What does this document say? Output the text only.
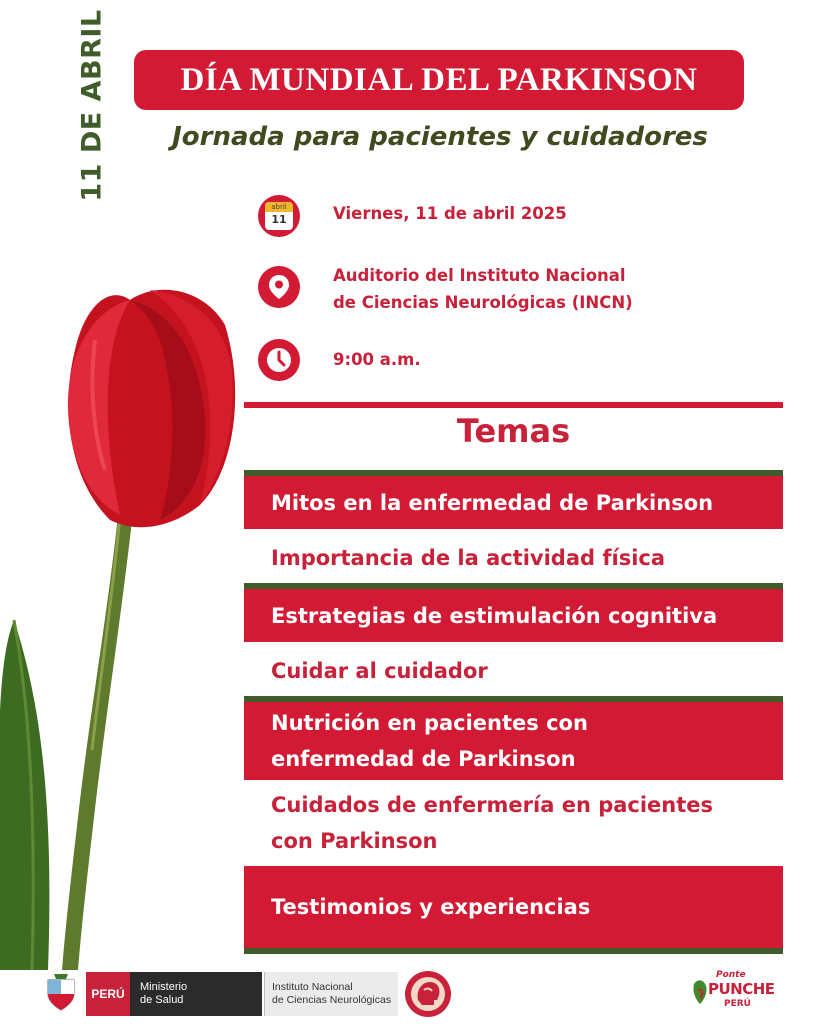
11 DE ABRIL DÍA MUNDIAL DEL PARKINSON
Jornada para pacientes y cuidadores
abril
11	Viernes, 11 de abril 2025
Auditorio del Instituto Nacional
de Ciencias Neurológicas (INCN)
9:00 a.m.
Temas
Mitos en la enfermedad de Parkinson
Importancia de la actividad física
Estrategias de estimulación cognitiva
Cuidar al cuidador
Nutrición en pacientes con
enfermedad de Parkinson
Cuidados de enfermería en pacientes
con Parkinson
Testimonios y experiencias
PERÚ	Ministerio
de Salud
Instituto Nacional
de Ciencias Neurológicas
Ponte
PUNCHE
PERÚ
